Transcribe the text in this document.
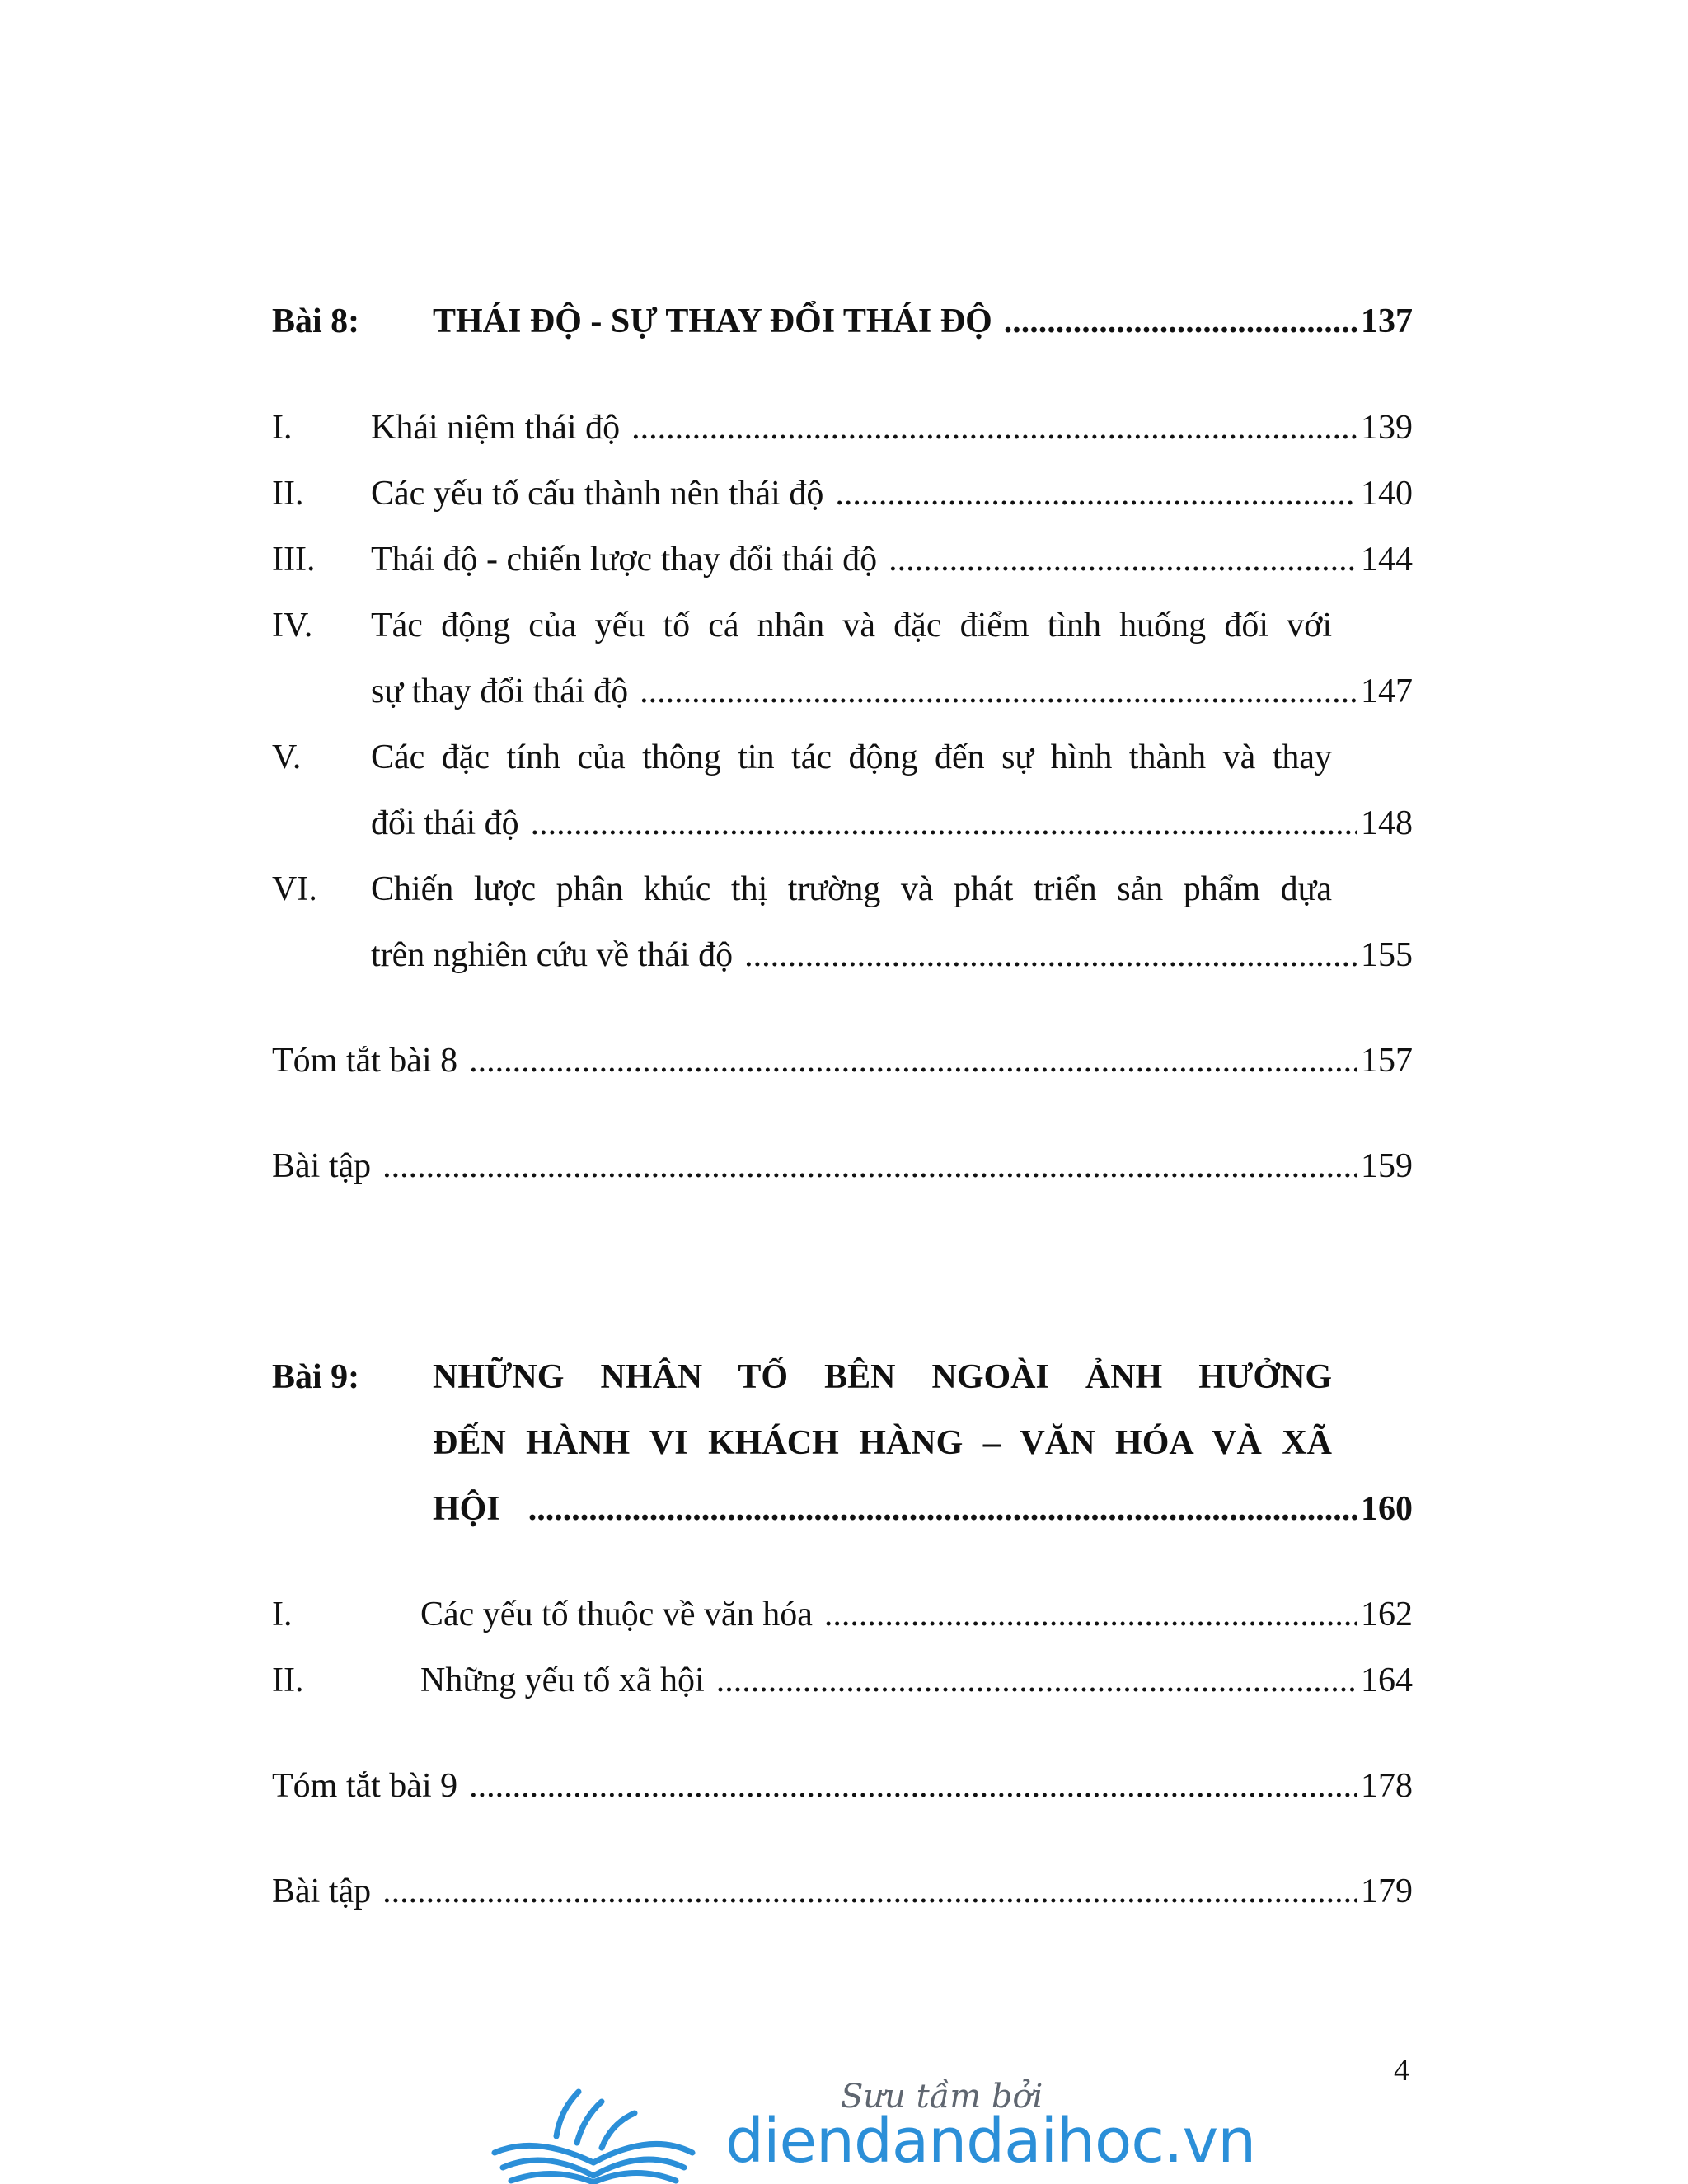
Bài 8:	THÁI ĐỘ - SỰ THAY ĐỔI THÁI ĐỘ .....	137
I.	Khái niệm thái độ .....	139
II.	Các yếu tố cấu thành nên thái độ .....	140
III.	Thái độ - chiến lược thay đổi thái độ .....	144
IV. Tác động của yếu tố cá nhân và đặc điểm tình huống đối với
sự thay đổi thái độ .....	147
V. Các đặc tính của thông tin tác động đến sự hình thành và thay
đổi thái độ .....	148
VI. Chiến lược phân khúc thị trường và phát triển sản phẩm dựa
trên nghiên cứu về thái độ .....	155
Tóm tắt bài 8 .....	157
Bài tập .....	159
Bài 9: NHỮNG NHÂN TỐ BÊN NGOÀI ẢNH HƯỞNG
ĐẾN HÀNH VI KHÁCH HÀNG – VĂN HÓA VÀ XÃ
HỘI .....	160
I.	Các yếu tố thuộc về văn hóa .....	162
II.	Những yếu tố xã hội .....	164
Tóm tắt bài 9 .....	178
Bài tập .....	179
4
Sưu tầm bởi
diendandaihoc.vn
